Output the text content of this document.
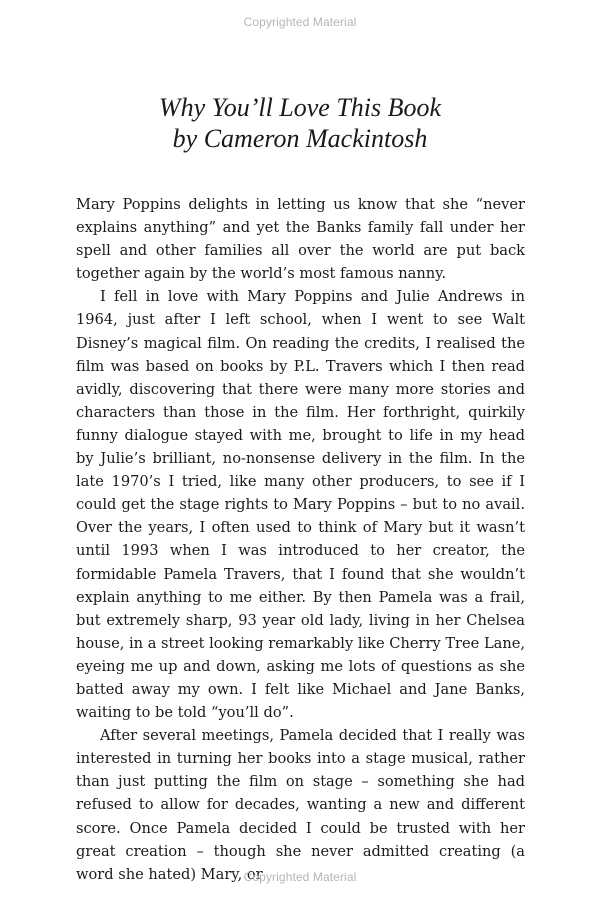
Copyrighted Material
Why You’ll Love This Book
by Cameron Mackintosh

Mary Poppins delights in letting us know that she “never explains anything” and yet the Banks family fall under her spell and other families all over the world are put back together again by the world’s most famous nanny.

I fell in love with Mary Poppins and Julie Andrews in 1964, just after I left school, when I went to see Walt Disney’s magical film. On reading the credits, I realised the film was based on books by P.L. Travers which I then read avidly, discovering that there were many more stories and characters than those in the film. Her forthright, quirkily funny dialogue stayed with me, brought to life in my head by Julie’s brilliant, no-nonsense delivery in the film. In the late 1970’s I tried, like many other producers, to see if I could get the stage rights to Mary Poppins – but to no avail. Over the years, I often used to think of Mary but it wasn’t until 1993 when I was introduced to her creator, the formidable Pamela Travers, that I found that she wouldn’t explain anything to me either. By then Pamela was a frail, but extremely sharp, 93 year old lady, living in her Chelsea house, in a street looking remarkably like Cherry Tree Lane, eyeing me up and down, asking me lots of questions as she batted away my own. I felt like Michael and Jane Banks, waiting to be told “you’ll do”.

After several meetings, Pamela decided that I really was interested in turning her books into a stage musical, rather than just putting the film on stage – something she had refused to allow for decades, wanting a new and different score. Once Pamela decided I could be trusted with her great creation – though she never admitted creating (a word she hated) Mary, or

Copyrighted Material
